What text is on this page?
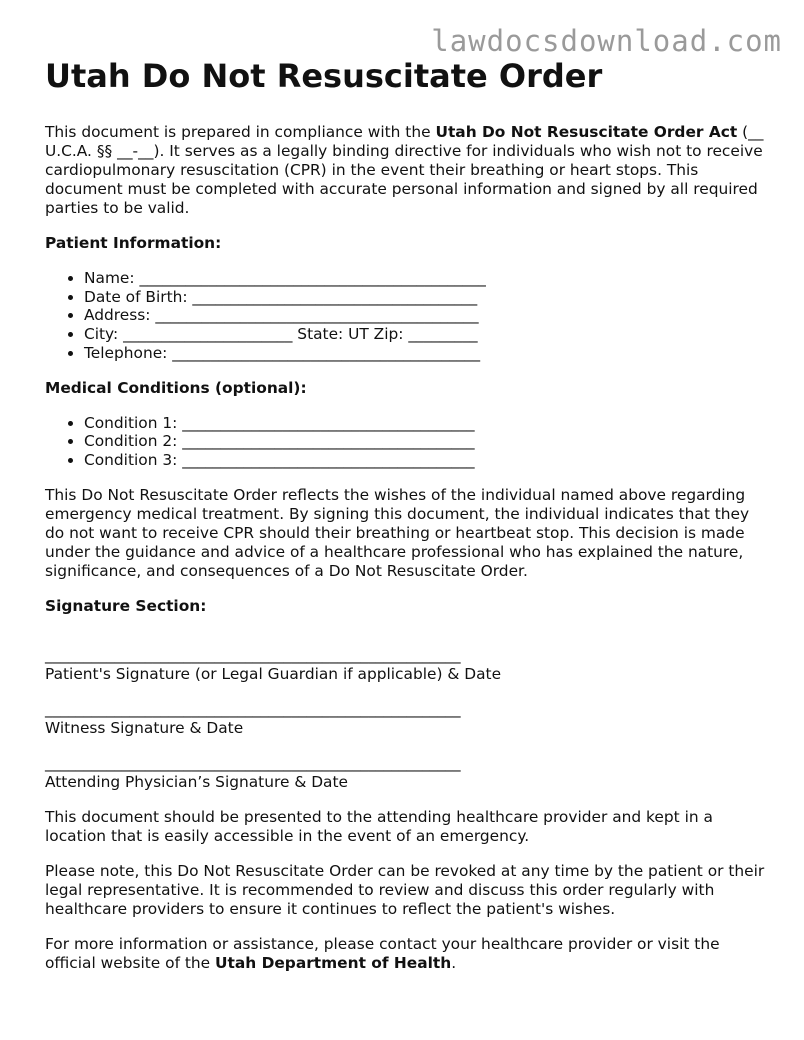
lawdocsdownload.com
Utah Do Not Resuscitate Order

This document is prepared in compliance with the Utah Do Not Resuscitate Order Act (__ U.C.A. §§ __-__). It serves as a legally binding directive for individuals who wish not to receive cardiopulmonary resuscitation (CPR) in the event their breathing or heart stops. This document must be completed with accurate personal information and signed by all required parties to be valid.

Patient Information:
• Name: _____________________________________________
• Date of Birth: _____________________________________
• Address: __________________________________________
• City: ______________________ State: UT Zip: _________
• Telephone: ________________________________________
Medical Conditions (optional):
• Condition 1: ______________________________________
• Condition 2: ______________________________________
• Condition 3: ______________________________________

This Do Not Resuscitate Order reflects the wishes of the individual named above regarding emergency medical treatment. By signing this document, the individual indicates that they do not want to receive CPR should their breathing or heartbeat stop. This decision is made under the guidance and advice of a healthcare professional who has explained the nature, significance, and consequences of a Do Not Resuscitate Order.

Signature Section:
______________________________________________________
Patient's Signature (or Legal Guardian if applicable) & Date
______________________________________________________
Witness Signature & Date
______________________________________________________
Attending Physician’s Signature & Date

This document should be presented to the attending healthcare provider and kept in a location that is easily accessible in the event of an emergency.

Please note, this Do Not Resuscitate Order can be revoked at any time by the patient or their legal representative. It is recommended to review and discuss this order regularly with healthcare providers to ensure it continues to reflect the patient's wishes.

For more information or assistance, please contact your healthcare provider or visit the official website of the Utah Department of Health.
